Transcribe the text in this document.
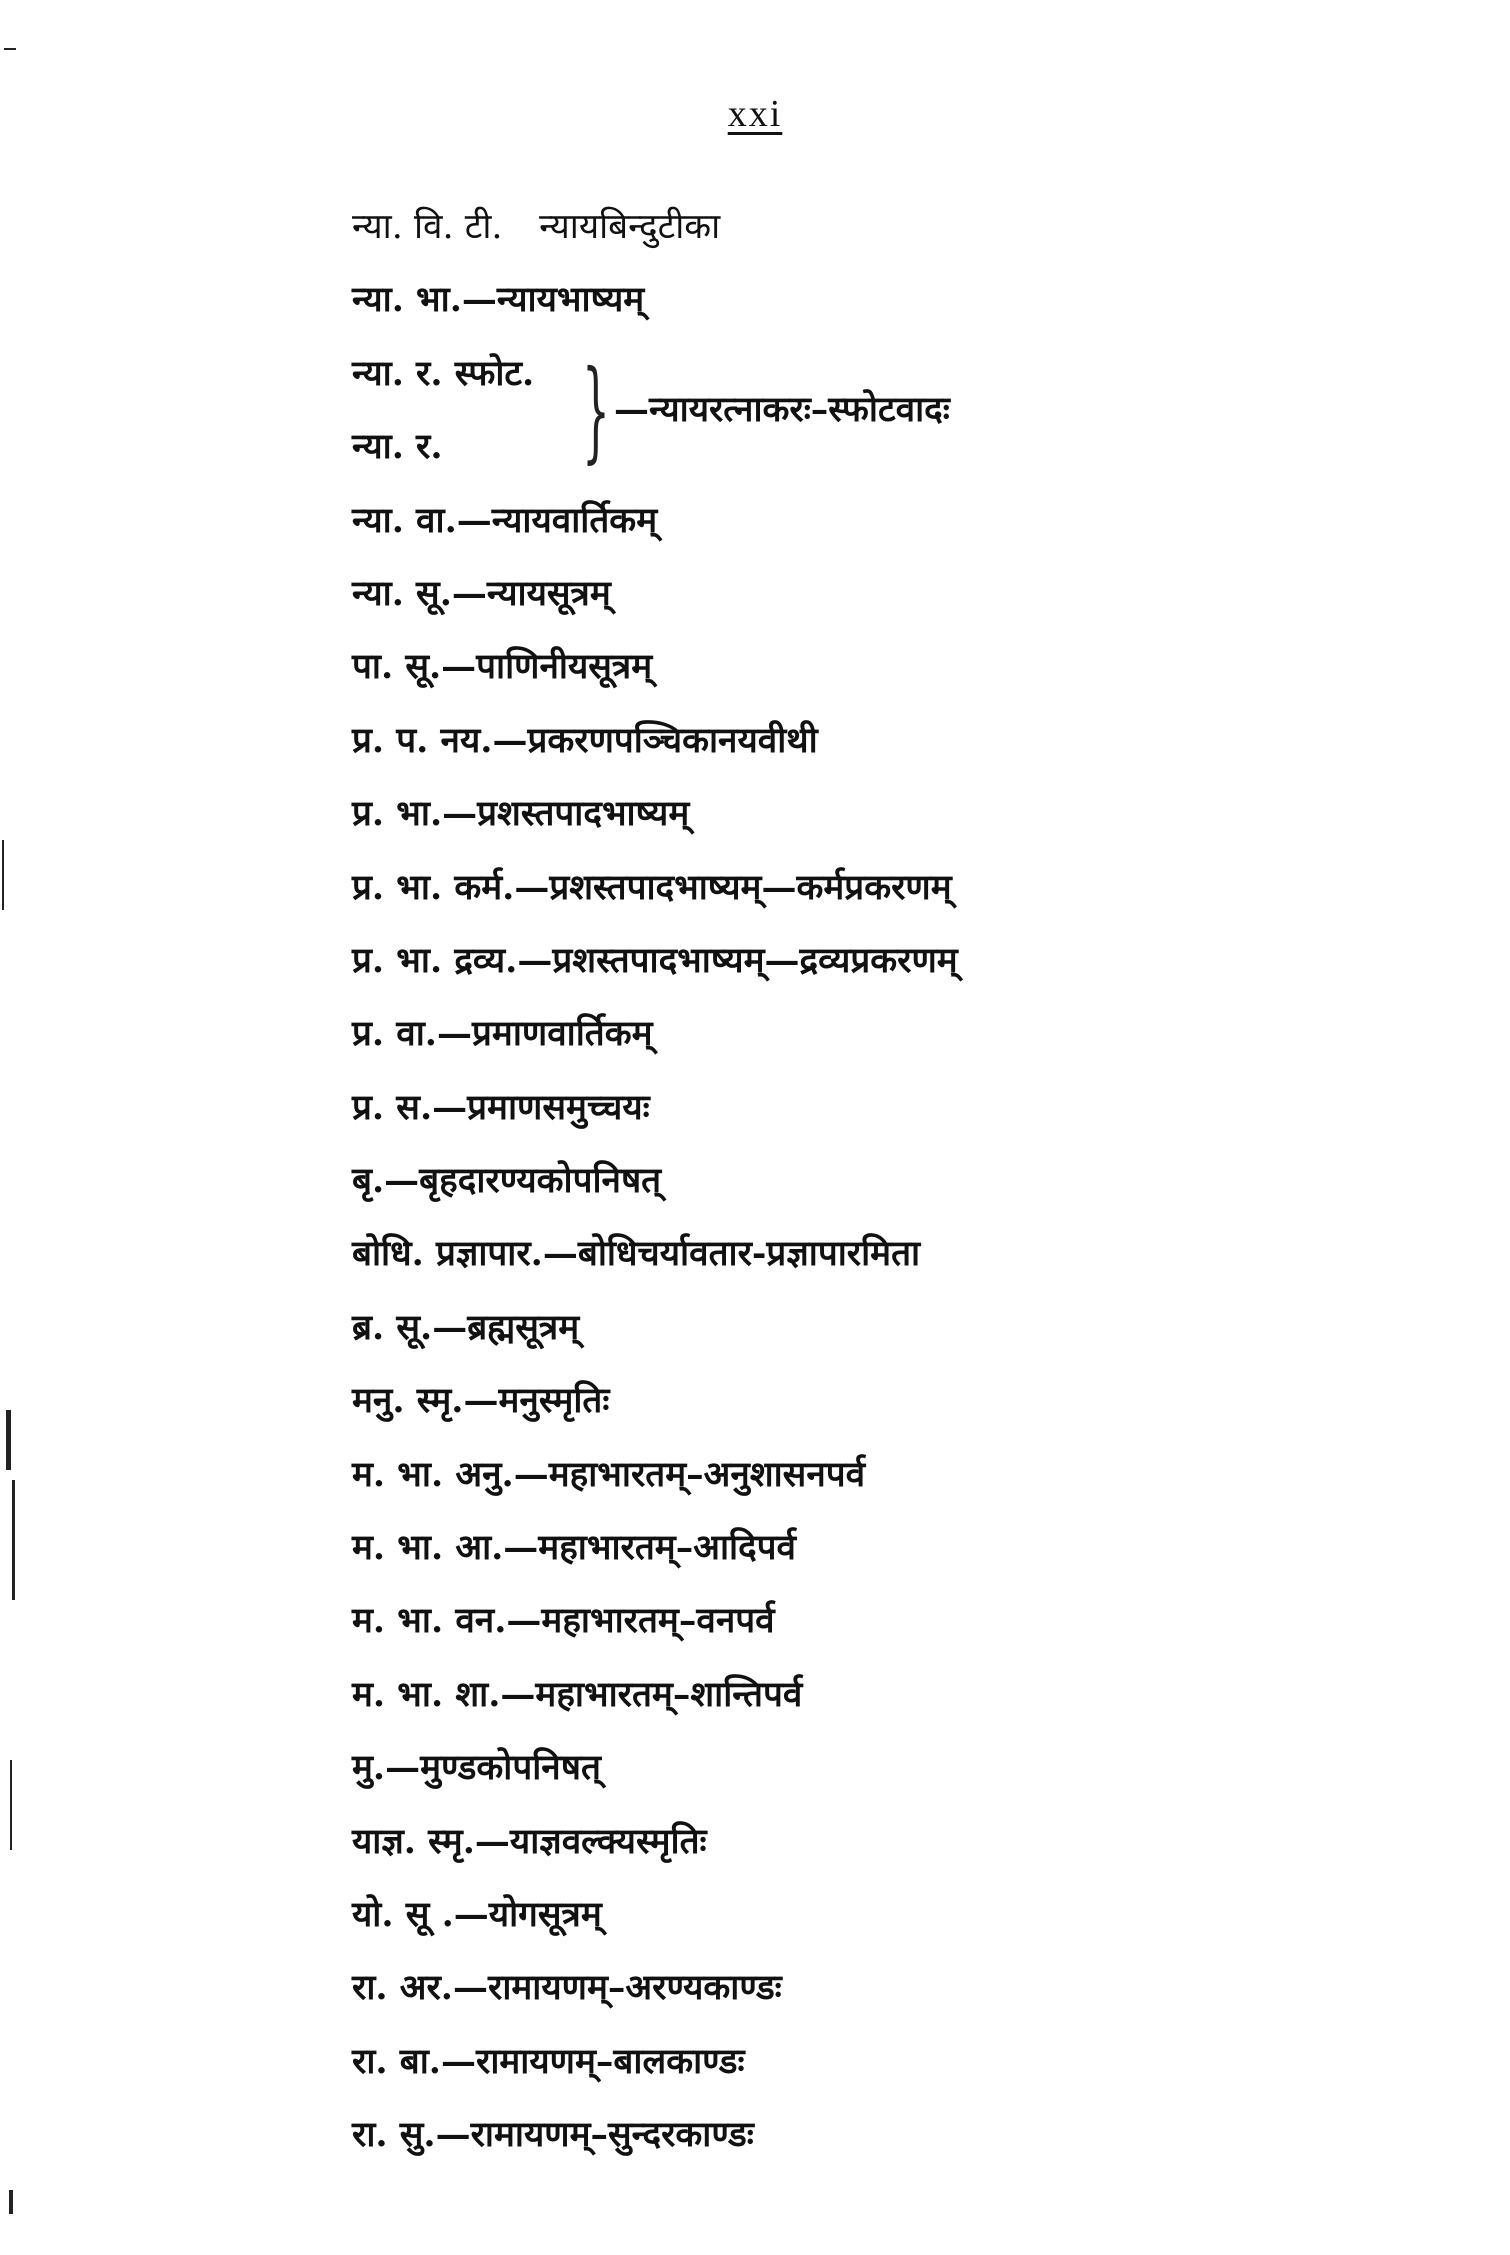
xxi
न्या. वि. टी. न्यायबिन्दुटीका
न्या. भा.—न्यायभाष्यम्
न्या. र. स्फोट.
न्या. र.	} —न्यायरत्नाकरः–स्फोटवादः
न्या. वा.—न्यायवार्तिकम्
न्या. सू.—न्यायसूत्रम्
पा. सू.—पाणिनीयसूत्रम्
प्र. प. नय.—प्रकरणपञ्चिकानयवीथी
प्र. भा.—प्रशस्तपादभाष्यम्
प्र. भा. कर्म.—प्रशस्तपादभाष्यम्—कर्मप्रकरणम्
प्र. भा. द्रव्य.—प्रशस्तपादभाष्यम्—द्रव्यप्रकरणम्
प्र. वा.—प्रमाणवार्तिकम्
प्र. स.—प्रमाणसमुच्चयः
बृ.—बृहदारण्यकोपनिषत्
बोधि. प्रज्ञापार.—बोधिचर्यावतार-प्रज्ञापारमिता
ब्र. सू.—ब्रह्मसूत्रम्
मनु. स्मृ.—मनुस्मृतिः
म. भा. अनु.—महाभारतम्–अनुशासनपर्व
म. भा. आ.—महाभारतम्–आदिपर्व
म. भा. वन.—महाभारतम्–वनपर्व
म. भा. शा.—महाभारतम्–शान्तिपर्व
मु.—मुण्डकोपनिषत्
याज्ञ. स्मृ.—याज्ञवल्क्यस्मृतिः
यो. सू .—योगसूत्रम्
रा. अर.—रामायणम्–अरण्यकाण्डः
रा. बा.—रामायणम्–बालकाण्डः
रा. सु.—रामायणम्–सुन्दरकाण्डः
